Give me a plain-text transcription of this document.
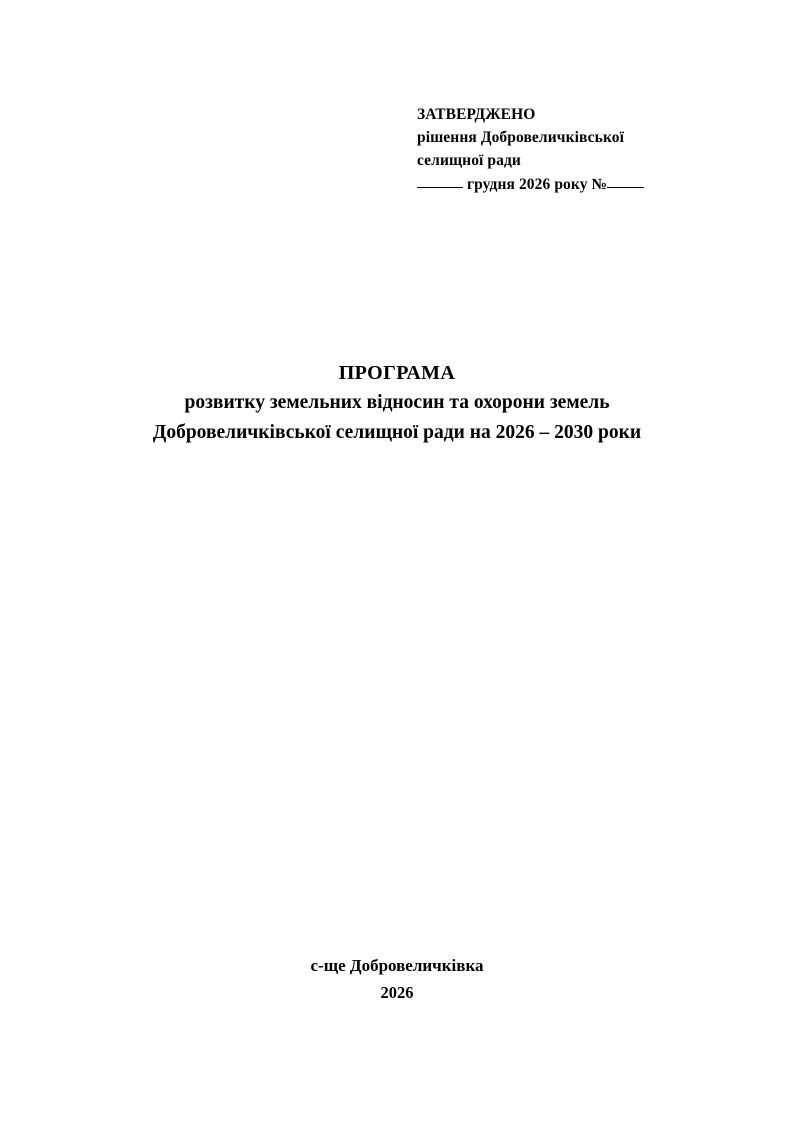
ЗАТВЕРДЖЕНО
рішення Добровеличківської
селищної ради
грудня 2026 року №
ПРОГРАМА
розвитку земельних відносин та охорони земель
Добровеличківської селищної ради на 2026 – 2030 роки
с-ще Добровеличківка
2026
